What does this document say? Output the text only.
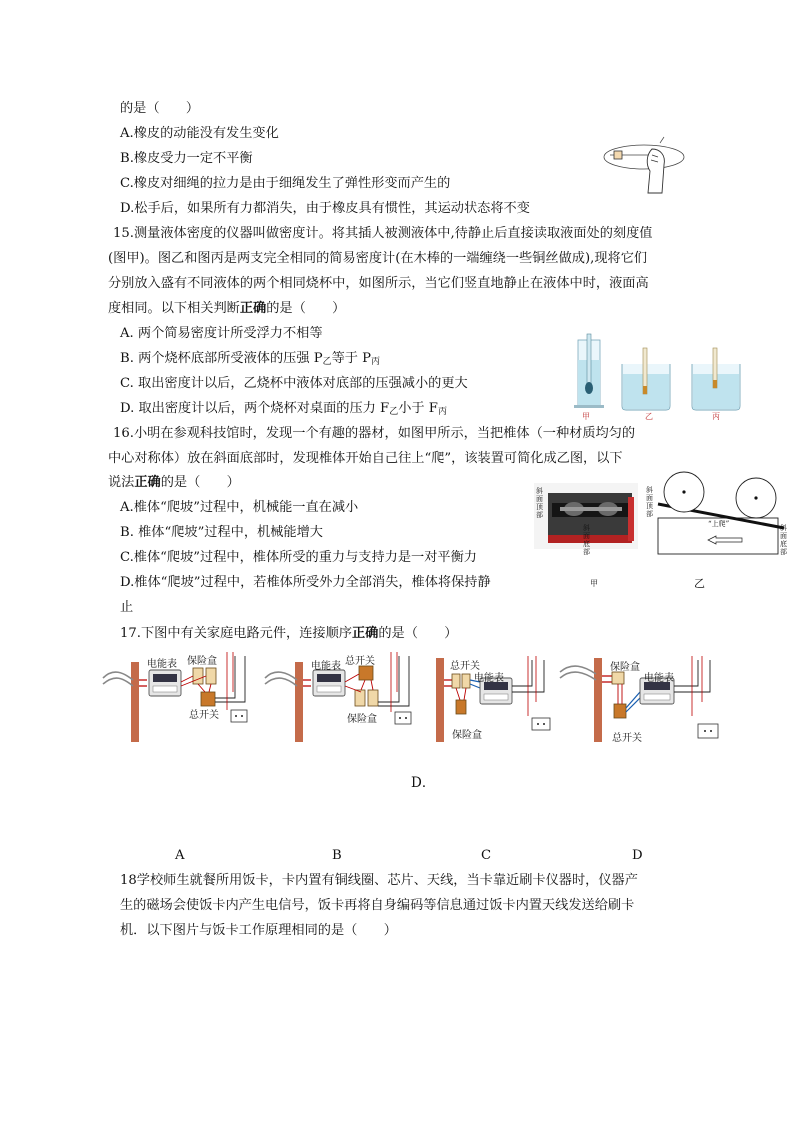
的是（　　）
A.橡皮的动能没有发生变化
B.橡皮受力一定不平衡
C.橡皮对细绳的拉力是由于细绳发生了弹性形变而产生的
D.松手后，如果所有力都消失，由于橡皮具有惯性，其运动状态将不变
15.测量液体密度的仪器叫做密度计。将其插人被测液体中,待静止后直接读取液面处的刻度值
(图甲)。图乙和图丙是两支完全相同的简易密度计(在木棒的一端缠绕一些铜丝做成),现将它们
分别放入盛有不同液体的两个相同烧杯中，如图所示，当它们竖直地静止在液体中时，液面高
度相同。以下相关判断正确的是（　　）
A. 两个简易密度计所受浮力不相等
B. 两个烧杯底部所受液体的压强 $P_乙$等于 $P_丙$
C. 取出密度计以后，乙烧杯中液体对底部的压强减小的更大
D. 取出密度计以后，两个烧杯对桌面的压力 $F_乙$小于 $F_丙$	甲	乙	丙
16.小明在参观科技馆时，发现一个有趣的器材，如图甲所示，当把椎体（一种材质均匀的
中心对称体）放在斜面底部时，发现椎体开始自己往上“爬”，该装置可简化成乙图，以下
说法正确的是（　　）
A.椎体“爬坡”过程中，机械能一直在减小
B. 椎体“爬坡”过程中，机械能增大
C.椎体“爬坡”过程中，椎体所受的重力与支持力是一对平衡力
D.椎体“爬坡”过程中，若椎体所受外力全部消失，椎体将保持静
止
斜面顶部
斜面底部
斜面顶部
斜面底部
“上爬”
甲	乙
17.下图中有关家庭电路元件，连接顺序正确的是（　　）
电能表 保险盒
总开关
电能表
保险盒
总开关	总开关
电能表
保险盒
保险盒
电能表
总开关
D．
A	B	C	D
18学校师生就餐所用饭卡，卡内置有铜线圈、芯片、天线，当卡靠近刷卡仪器时，仪器产
生的磁场会使饭卡内产生电信号，饭卡再将自身编码等信息通过饭卡内置天线发送给刷卡
机．以下图片与饭卡工作原理相同的是（　　）
